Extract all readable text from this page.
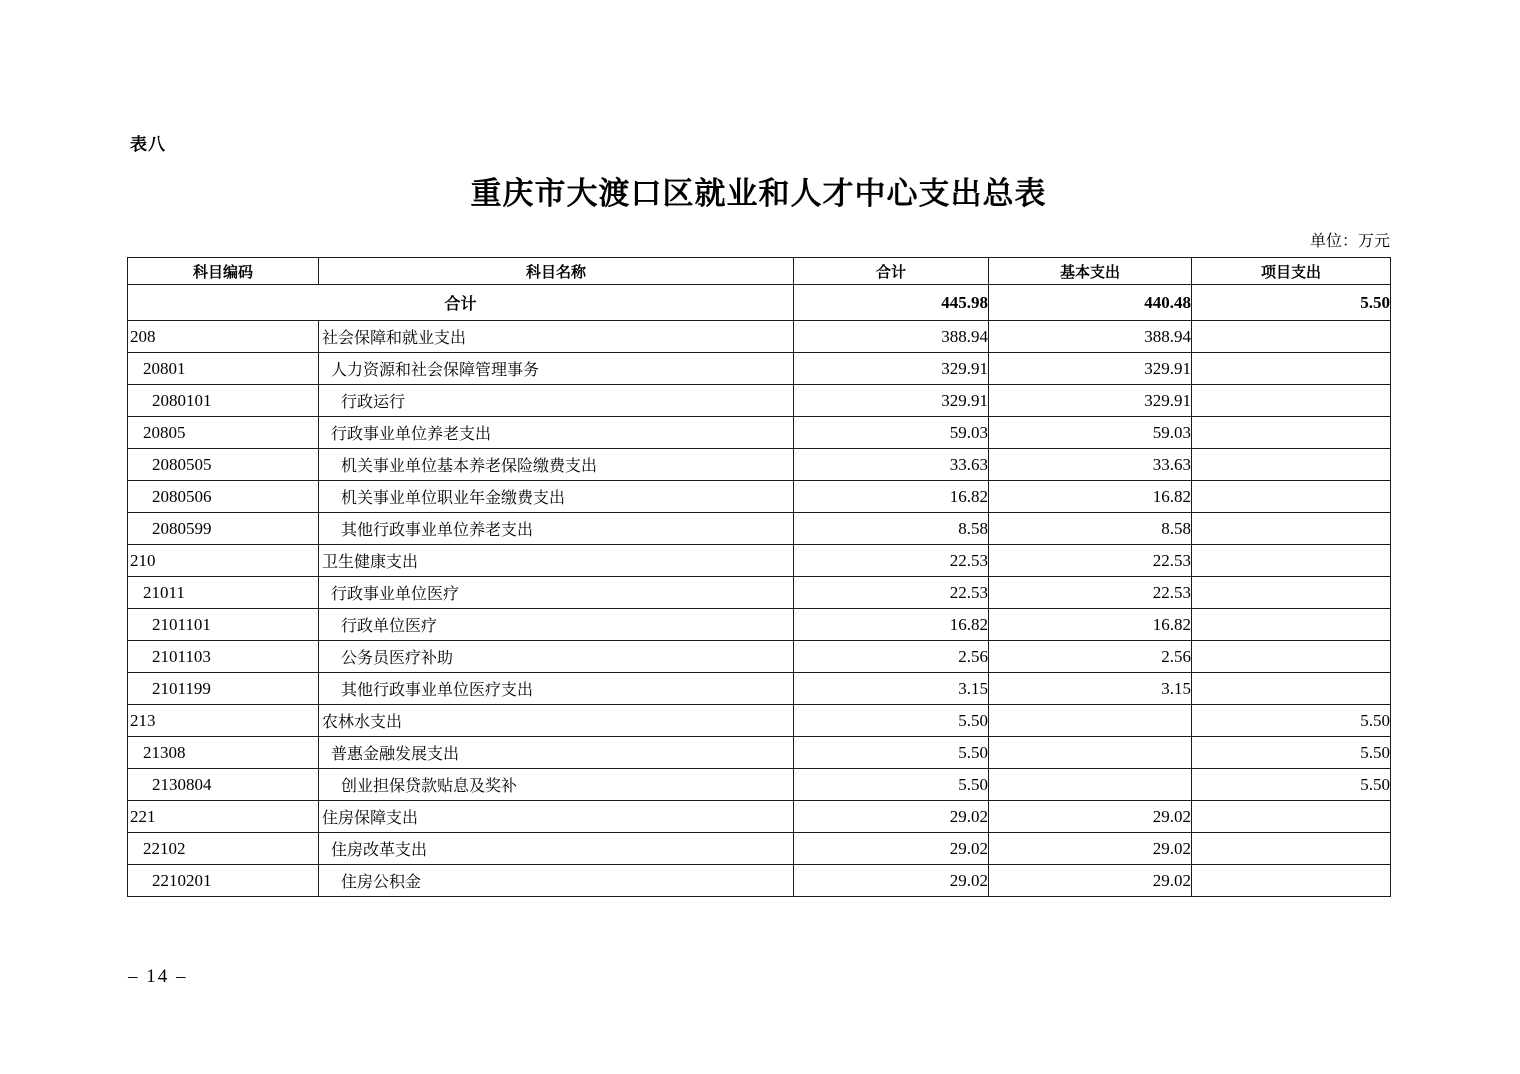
表八
重庆市大渡口区就业和人才中心支出总表
单位：万元
科目编码	科目名称	合计	基本支出	项目支出
合计		445.98	440.48	5.50
208	社会保障和就业支出	388.94	388.94	
20801	人力资源和社会保障管理事务	329.91	329.91	
2080101	行政运行	329.91	329.91	
20805	行政事业单位养老支出	59.03	59.03	
2080505	机关事业单位基本养老保险缴费支出	33.63	33.63	
2080506	机关事业单位职业年金缴费支出	16.82	16.82	
2080599	其他行政事业单位养老支出	8.58	8.58	
210	卫生健康支出	22.53	22.53	
21011	行政事业单位医疗	22.53	22.53	
2101101	行政单位医疗	16.82	16.82	
2101103	公务员医疗补助	2.56	2.56	
2101199	其他行政事业单位医疗支出	3.15	3.15	
213	农林水支出	5.50		5.50
21308	普惠金融发展支出	5.50		5.50
2130804	创业担保贷款贴息及奖补	5.50		5.50
221	住房保障支出	29.02	29.02	
22102	住房改革支出	29.02	29.02	
2210201	住房公积金	29.02	29.02	
– 14 –
